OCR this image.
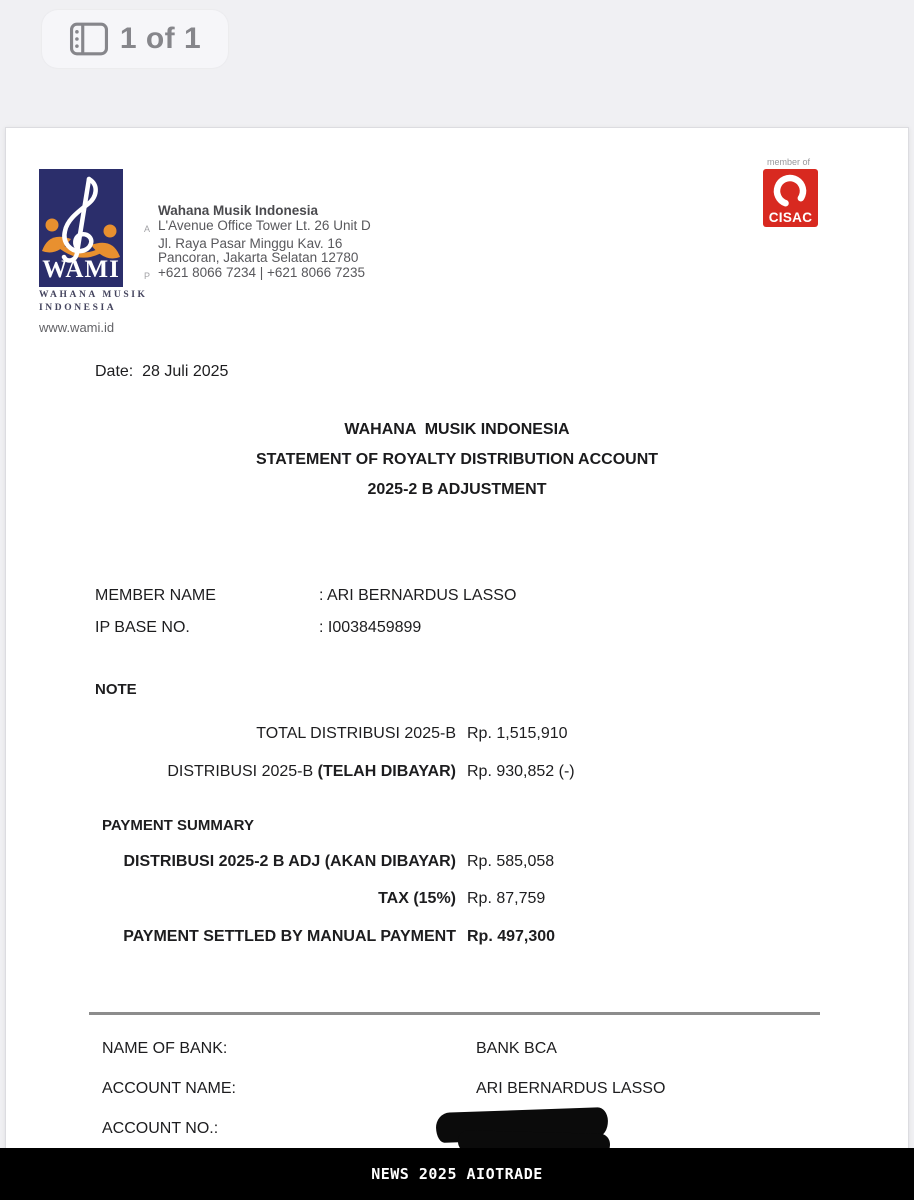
1 of 1
WAMI
WAHANA MUSIK
INDONESIA
Wahana Musik Indonesia
A L'Avenue Office Tower Lt. 26 Unit D
Jl. Raya Pasar Minggu Kav. 16
Pancoran, Jakarta Selatan 12780
P +621 8066 7234 | +621 8066 7235
member of
CISAC
www.wami.id
Date: 28 Juli 2025
WAHANA  MUSIK INDONESIA
STATEMENT OF ROYALTY DISTRIBUTION ACCOUNT
2025-2 B ADJUSTMENT
MEMBER NAME	: ARI BERNARDUS LASSO
IP BASE NO.	: I0038459899
NOTE
TOTAL DISTRIBUSI 2025-B Rp. 1,515,910
DISTRIBUSI 2025-B (TELAH DIBAYAR) Rp. 930,852 (-)
PAYMENT SUMMARY
DISTRIBUSI 2025-2 B ADJ (AKAN DIBAYAR) Rp. 585,058
TAX (15%) Rp. 87,759
PAYMENT SETTLED BY MANUAL PAYMENT Rp. 497,300
NAME OF BANK:	BANK BCA
ACCOUNT NAME:	ARI BERNARDUS LASSO
ACCOUNT NO.:
NEWS 2025 AIOTRADE
